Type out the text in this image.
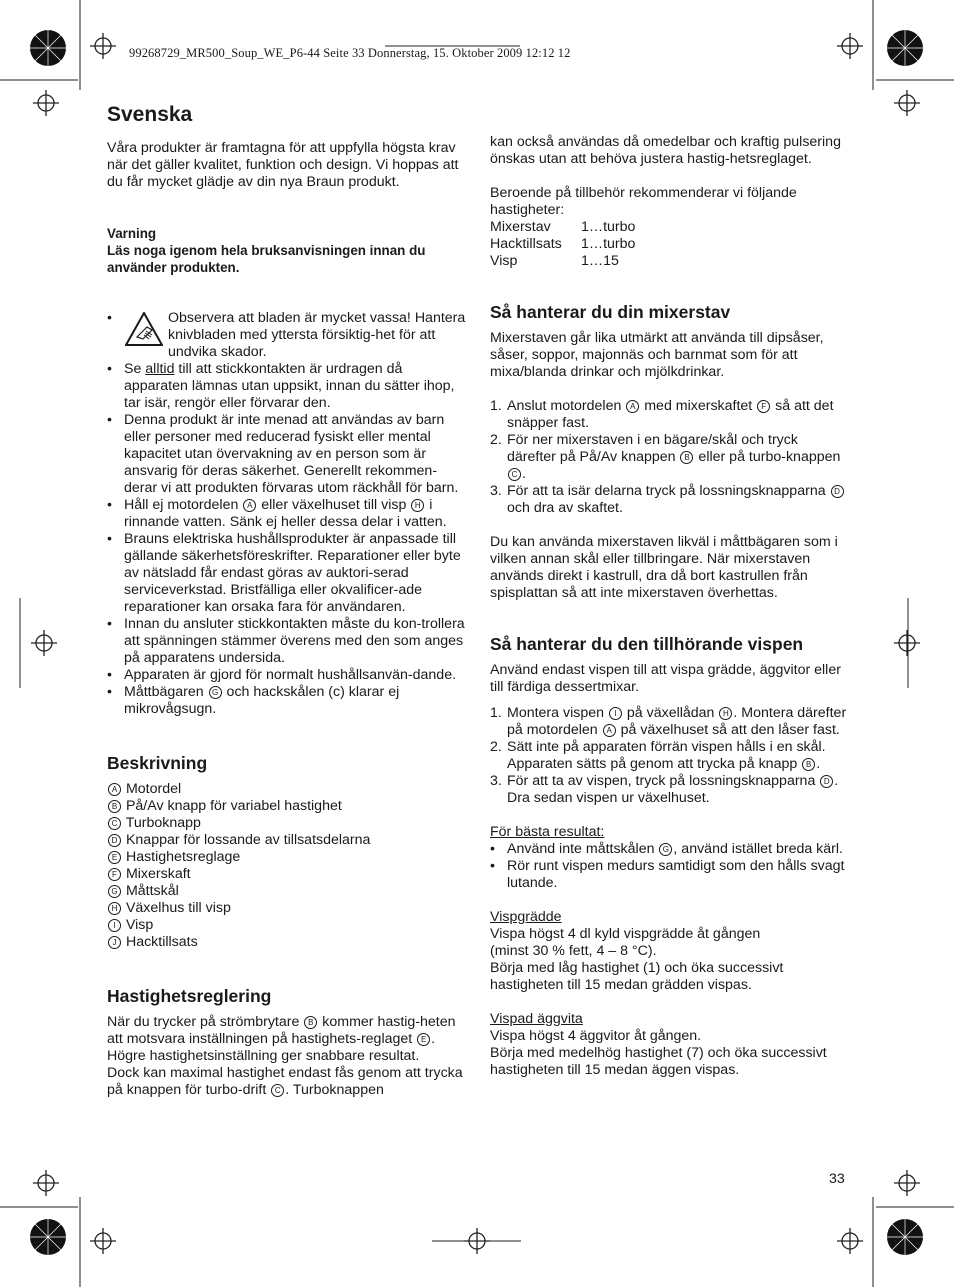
99268729_MR500_Soup_WE_P6-44 Seite 33 Donnerstag, 15. Oktober 2009 12:12 12
Svenska

Våra produkter är framtagna för att uppfylla högsta krav när det gäller kvalitet, funktion och design. Vi hoppas att du får mycket glädje av din nya Braun produkt.

Varning
Läs noga igenom hela bruksanvisningen innan du använder produkten.
• Observera att bladen är mycket vassa! Hantera knivbladen med yttersta försiktig-het för att undvika skador.
• Se alltid till att stickkontakten är urdragen då apparaten lämnas utan uppsikt, innan du sätter ihop, tar isär, rengör eller förvarar den.
• Denna produkt är inte menad att användas av barn eller personer med reducerad fysiskt eller mental kapacitet utan övervakning av en person som är ansvarig för deras säkerhet. Generellt rekommen-derar vi att produkten förvaras utom räckhåll för barn.
• Håll ej motordelen A eller växelhuset till visp H i rinnande vatten. Sänk ej heller dessa delar i vatten.
• Brauns elektriska hushållsprodukter är anpassade till gällande säkerhetsföreskrifter. Reparationer eller byte av nätsladd får endast göras av auktori-serad serviceverkstad. Bristfälliga eller okvalificer-ade reparationer kan orsaka fara för användaren.
• Innan du ansluter stickkontakten måste du kon-trollera att spänningen stämmer överens med den som anges på apparatens undersida.
• Apparaten är gjord för normalt hushållsanvän-dande.
• Måttbägaren G och hackskålen (c) klarar ej mikrovågsugn.
Beskrivning
A Motordel
B På/Av knapp för variabel hastighet
C Turboknapp
D Knappar för lossande av tillsatsdelarna
E Hastighetsreglage
F Mixerskaft
G Måttskål
H Växelhus till visp
I Visp
J Hacktillsats
Hastighetsreglering

När du trycker på strömbrytare B kommer hastig-heten att motsvara inställningen på hastighets-reglaget E . Högre hastighetsinställning ger snabbare resultat.

Dock kan maximal hastighet endast fås genom att trycka på knappen för turbo-drift C . Turboknappen

kan också användas då omedelbar och kraftig pulsering önskas utan att behöva justera hastig-hetsreglaget.

Beroende på tillbehör rekommenderar vi följande hastigheter:

Mixerstav	1…turbo
Hacktillsats	1…turbo
Visp	1…15
Så hanterar du din mixerstav

Mixerstaven går lika utmärkt att använda till dipsåser, såser, soppor, majonnäs och barnmat som för att mixa/blanda drinkar och mjölkdrinkar.

1. Anslut motordelen A med mixerskaftet F så att det snäpper fast.
2. För ner mixerstaven i en bägare/skål och tryck därefter på På/Av knappen B eller på turbo-knappen C .
3. För att ta isär delarna tryck på lossningsknapparna D och dra av skaftet.

Du kan använda mixerstaven likväl i måttbägaren som i vilken annan skål eller tillbringare. När mixerstaven används direkt i kastrull, dra då bort kastrullen från spisplattan så att inte mixerstaven överhettas.

Så hanterar du den tillhörande vispen

Använd endast vispen till att vispa grädde, äggvitor eller till färdiga dessertmixar.

1. Montera vispen I på växellådan H . Montera därefter på motordelen A på växelhuset så att den låser fast.
2. Sätt inte på apparaten förrän vispen hålls i en skål. Apparaten sätts på genom att trycka på knapp B .
3. För att ta av vispen, tryck på lossningsknapparna D . Dra sedan vispen ur växelhuset.

För bästa resultat:

• Använd inte måttskålen G , använd istället breda kärl.
• Rör runt vispen medurs samtidigt som den hålls svagt lutande.

Vispgrädde

Vispa högst 4 dl kyld vispgrädde åt gången

(minst 30 % fett, 4 – 8 °C).

Börja med låg hastighet (1) och öka successivt hastigheten till 15 medan grädden vispas.

Vispad äggvita

Vispa högst 4 äggvitor åt gången.

Börja med medelhög hastighet (7) och öka successivt hastigheten till 15 medan äggen vispas.

33
